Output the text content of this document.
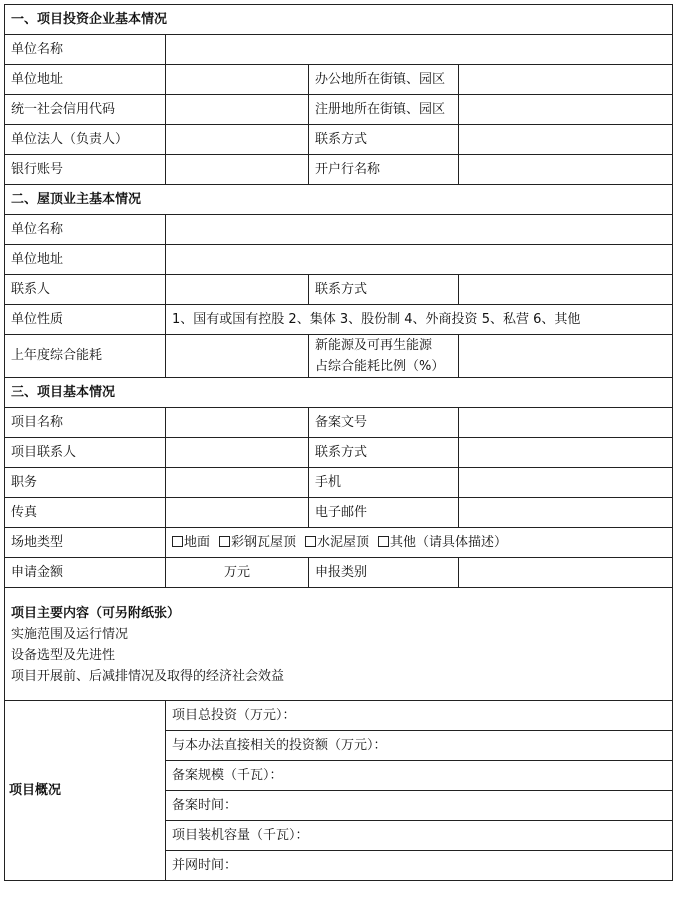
一、项目投资企业基本情况			
单位名称			
单位地址		办公地所在街镇、园区	
统一社会信用代码		注册地所在街镇、园区	
单位法人（负责人）		联系方式	
银行账号		开户行名称	
二、屋顶业主基本情况			
单位名称			
单位地址			
联系人		联系方式	
单位性质	1、国有或国有控股 2、集体 3、股份制 4、外商投资 5、私营 6、其他		
上年度综合能耗		新能源及可再生能源
占综合能耗比例（%）	
三、项目基本情况			
项目名称		备案文号	
项目联系人		联系方式	
职务		手机	
传真		电子邮件	
场地类型	地面 彩钢瓦屋顶 水泥屋顶 其他（请具体描述）		
申请金额	万元	申报类别	

项目主要内容（可另附纸张）
实施范围及运行情况
设备选型及先进性
项目开展前、后减排情况及取得的经济社会效益			

项目概况	项目总投资（万元）：		
	与本办法直接相关的投资额（万元）：		
	备案规模（千瓦）：		
	备案时间：		
	项目装机容量（千瓦）：		
	并网时间：		
